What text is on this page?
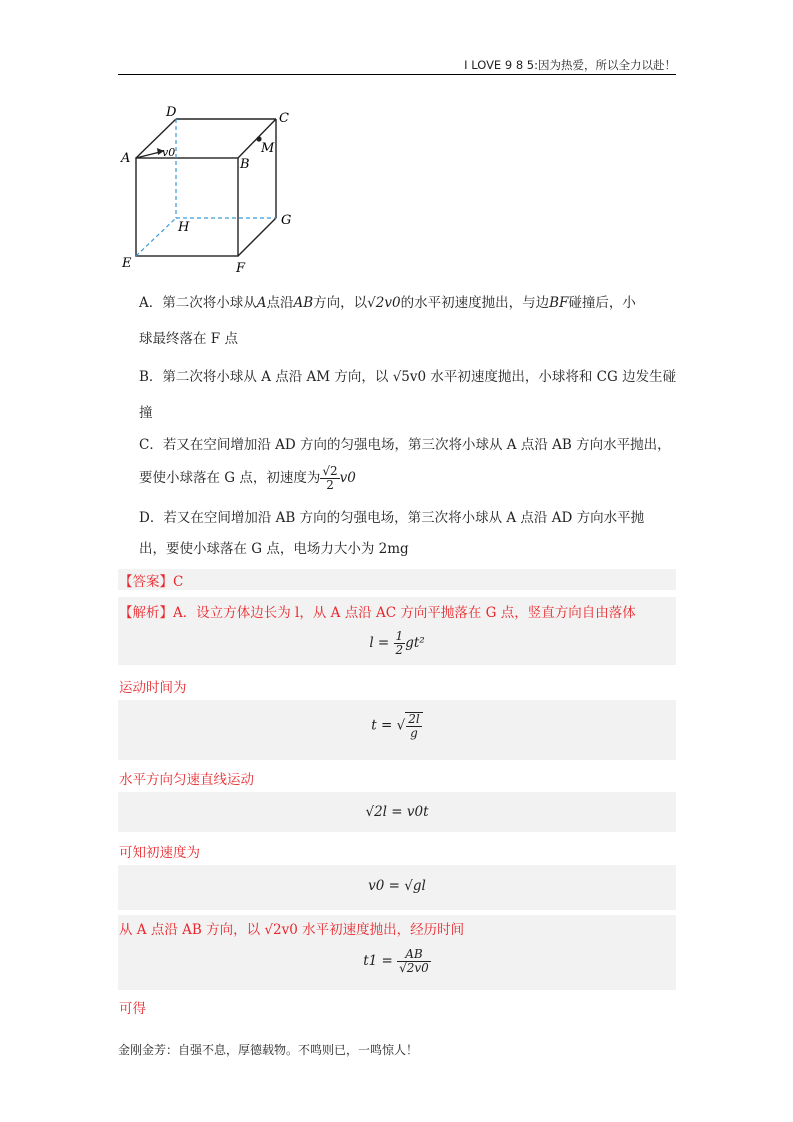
I LOVE 9 8 5:因为热爱，所以全力以赴！
D	C
A	B
M
v0
G
H
E	F
A．第二次将小球从A点沿AB方向，以√2v0的水平初速度抛出，与边BF碰撞后，小
球最终落在 F 点
B．第二次将小球从 A 点沿 AM 方向，以 √5v0 水平初速度抛出，小球将和 CG 边发生碰
撞
C．若又在空间增加沿 AD 方向的匀强电场，第三次将小球从 A 点沿 AB 方向水平抛出，
要使小球落在 G 点，初速度为 $\frac{√2}{2} v0$
D．若又在空间增加沿 AB 方向的匀强电场，第三次将小球从 A 点沿 AD 方向水平抛
出，要使小球落在 G 点，电场力大小为 2mg
【答案】C
【解析】A．设立方体边长为 l，从 A 点沿 AC 方向平抛落在 G 点，竖直方向自由落体
$l = \frac{1}{2} gt^2$
运动时间为
t = √ $\frac{2l}{g}$
水平方向匀速直线运动
√2l = v0t
可知初速度为
v0 = √gl
从 A 点沿 AB 方向，以 √2v0 水平初速度抛出，经历时间
$t1 = \frac{AB}{√2v0}$
可得
金刚金芳：自强不息，厚德载物。不鸣则已，一鸣惊人！
